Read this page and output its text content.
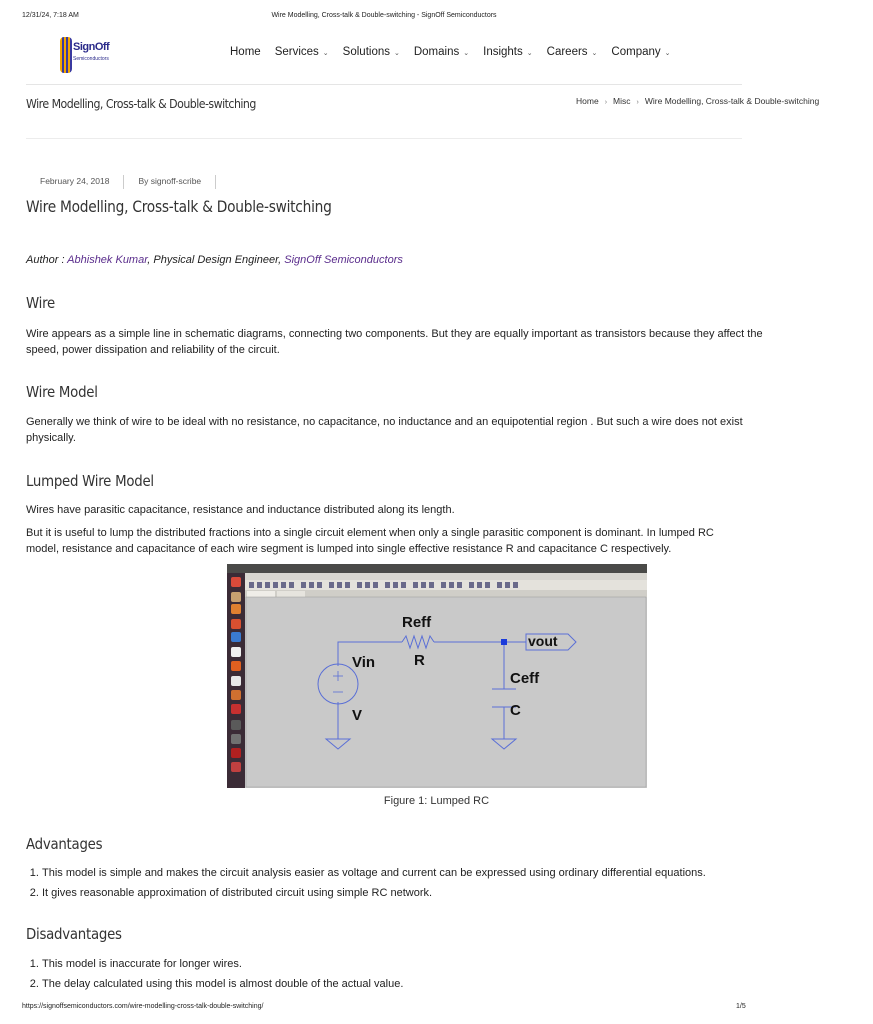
12/31/24, 7:18 AM	Wire Modelling, Cross-talk & Double-switching - SignOff Semiconductors
SignOff
Semiconductors
Home Services ⌄ Solutions ⌄ Domains ⌄ Insights ⌄ Careers ⌄ Company ⌄
Wire Modelling, Cross-talk & Double-switching	Home › Misc › Wire Modelling, Cross-talk & Double-switching
February 24, 2018	By signoff-scribe
Wire Modelling, Cross-talk & Double-switching
Author : Abhishek Kumar, Physical Design Engineer, SignOff Semiconductors
Wire
Wire appears as a simple line in schematic diagrams, connecting two components. But they are equally important as transistors because they affect the
speed, power dissipation and reliability of the circuit.
Wire Model
Generally we think of wire to be ideal with no resistance, no capacitance, no inductance and an equipotential region . But such a wire does not exist
physically.
Lumped Wire Model
Wires have parasitic capacitance, resistance and inductance distributed along its length.
But it is useful to lump the distributed fractions into a single circuit element when only a single parasitic component is dominant. In lumped RC
model, resistance and capacitance of each wire segment is lumped into single effective resistance R and capacitance C respectively.
Reff
R
Vin
V
vout
Ceff
C
Figure 1: Lumped RC
Advantages
1. This model is simple and makes the circuit analysis easier as voltage and current can be expressed using ordinary differential equations.
2. It gives reasonable approximation of distributed circuit using simple RC network.
Disadvantages
1. This model is inaccurate for longer wires.
2. The delay calculated using this model is almost double of the actual value.
https://signoffsemiconductors.com/wire-modelling-cross-talk-double-switching/	1/5
